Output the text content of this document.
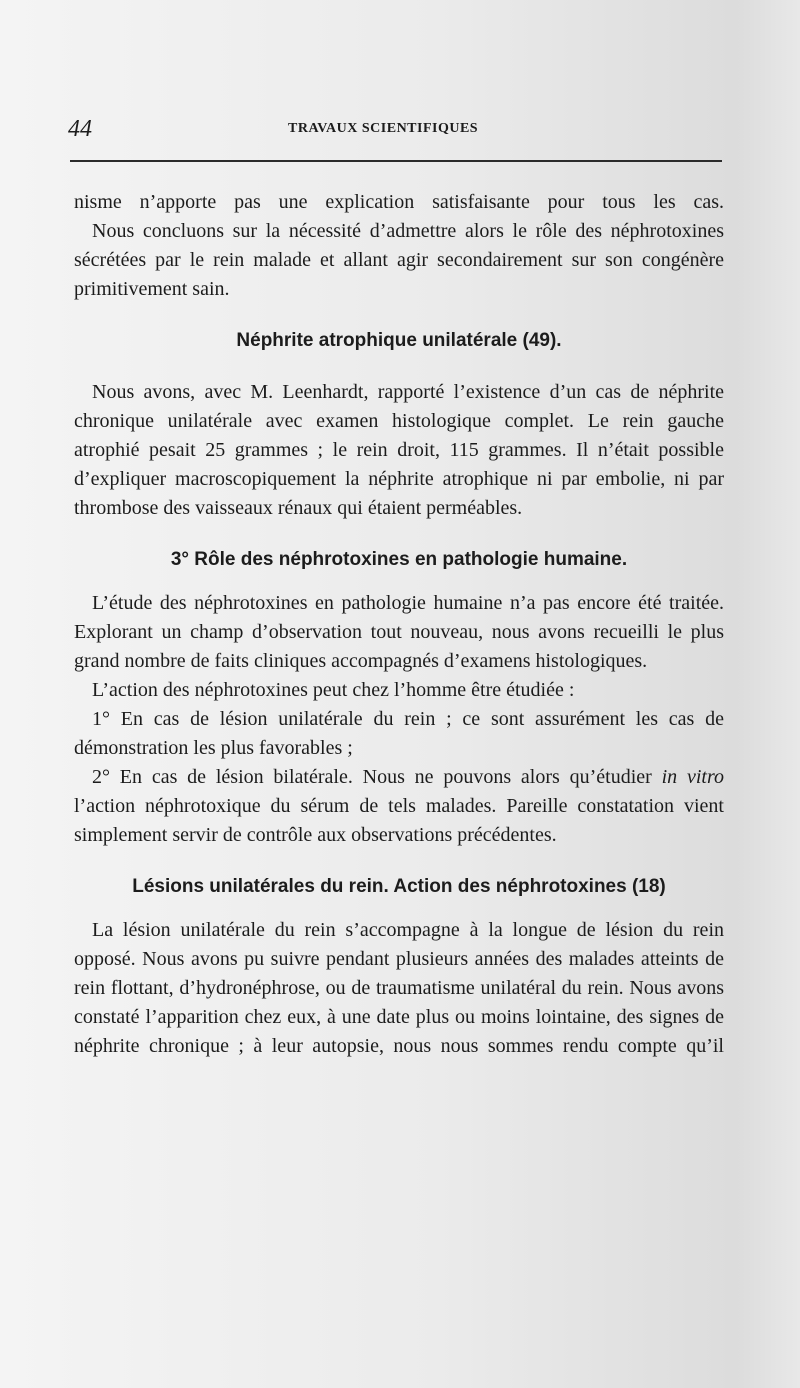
44	TRAVAUX SCIENTIFIQUES

nisme n’apporte pas une explication satisfaisante pour tous les cas.

Nous concluons sur la nécessité d’admettre alors le rôle des néphrotoxines sécrétées par le rein malade et allant agir secondairement sur son congénère primitivement sain.

Néphrite atrophique unilatérale (49).

Nous avons, avec M. Leenhardt, rapporté l’existence d’un cas de néphrite chronique unilatérale avec examen histologique complet. Le rein gauche atrophié pesait 25 grammes ; le rein droit, 115 grammes. Il n’était possible d’expliquer macroscopiquement la néphrite atrophique ni par embolie, ni par thrombose des vaisseaux rénaux qui étaient perméables.

3° Rôle des néphrotoxines en pathologie humaine.

L’étude des néphrotoxines en pathologie humaine n’a pas encore été traitée. Explorant un champ d’observation tout nouveau, nous avons recueilli le plus grand nombre de faits cliniques accompagnés d’examens histologiques.

L’action des néphrotoxines peut chez l’homme être étudiée :

1° En cas de lésion unilatérale du rein ; ce sont assurément les cas de démonstration les plus favorables ;

2° En cas de lésion bilatérale. Nous ne pouvons alors qu’étudier in vitro l’action néphrotoxique du sérum de tels malades. Pareille constatation vient simplement servir de contrôle aux observations précédentes.

Lésions unilatérales du rein. Action des néphrotoxines (18)

La lésion unilatérale du rein s’accompagne à la longue de lésion du rein opposé. Nous avons pu suivre pendant plusieurs années des malades atteints de rein flottant, d’hydronéphrose, ou de traumatisme unilatéral du rein. Nous avons constaté l’apparition chez eux, à une date plus ou moins lointaine, des signes de néphrite chronique ; à leur autopsie, nous nous sommes rendu compte qu’il
